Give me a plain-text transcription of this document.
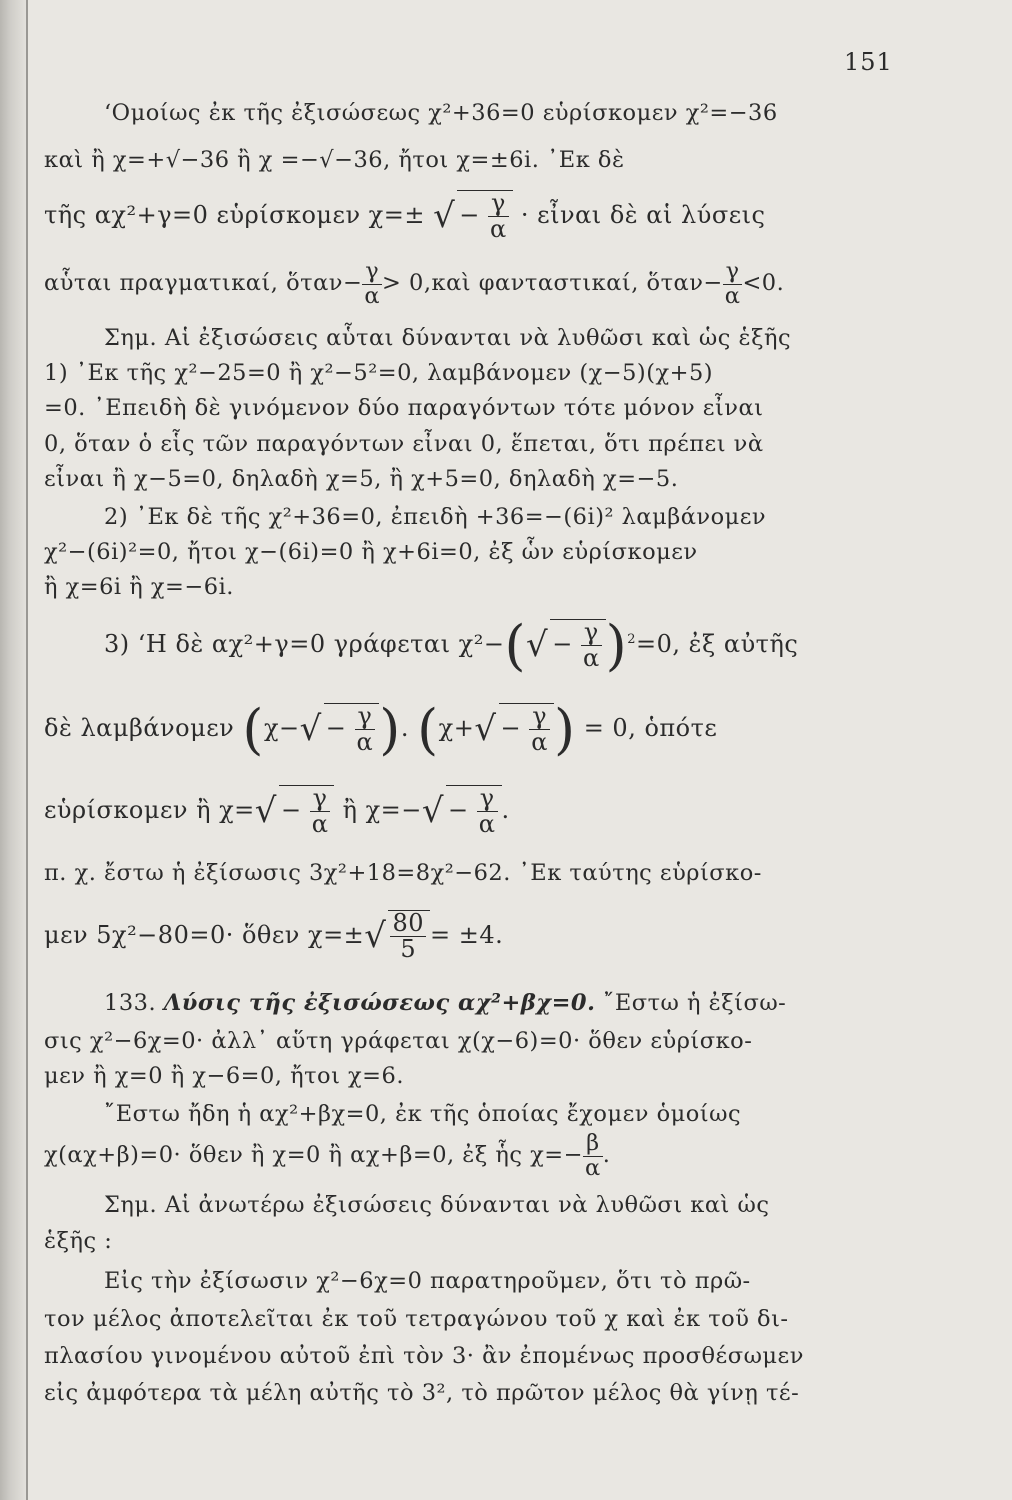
151
‘Ομοίως ἐκ τῆς ἐξισώσεως χ²+36=0 εὑρίσκομεν χ²=−36
καὶ ἢ χ=+√−36 ἢ χ =−√−36, ἤτοι χ=±6i. ᾽Εκ δὲ
τῆς αχ²+γ=0 εὑρίσκομεν χ=± √ − $\frac{\gamma}{\alpha}$ · εἶναι δὲ αἱ λύσεις
αὗται πραγματικαί, ὅταν− $\frac{\gamma}{\alpha}$ > 0,καὶ φανταστικαί, ὅταν− $\frac{\gamma}{\alpha} <0$.
Σημ. Αἱ ἐξισώσεις αὗται δύνανται νὰ λυθῶσι καὶ ὡς ἑξῆς
1) ᾽Εκ τῆς χ²−25=0 ἢ χ²−5²=0, λαμβάνομεν (χ−5)(χ+5)
=0. ᾽Επειδὴ δὲ γινόμενον δύο παραγόντων τότε μόνον εἶναι
0, ὅταν ὁ εἷς τῶν παραγόντων εἶναι 0, ἕπεται, ὅτι πρέπει νὰ
εἶναι ἢ χ−5=0, δηλαδὴ χ=5, ἢ χ+5=0, δηλαδὴ χ=−5.
2) ᾽Εκ δὲ τῆς χ²+36=0, ἐπειδὴ +36=−(6i)² λαμβάνομεν
χ²−(6i)²=0, ἤτοι χ−(6i)=0 ἢ χ+6i=0, ἐξ ὧν εὑρίσκομεν
ἢ χ=6i ἢ χ=−6i.
3) ‘Η δὲ αχ²+γ=0 γράφεται $\chi^2-(√ - \frac{\gamma}{\alpha} )^2=0$, ἐξ αὐτῆς
δὲ λαμβάνομεν ($\chi-√ - \frac{\gamma}{\alpha}$ ). ($\chi+√ - \frac{\gamma}{\alpha}$ ) = 0, ὁπότε
εὑρίσκομεν ἢ $\chi=√ - \frac{\gamma}{\alpha}$ ἢ $\chi=-√ - \frac{\gamma}{\alpha}$ .
π. χ. ἔστω ἡ ἐξίσωσις 3χ²+18=8χ²−62. ᾽Εκ ταύτης εὑρίσκο-
μεν 5χ²−80=0· ὅθεν $\chi=\pm√ \frac{80}{5} = \pm 4$.
133. Λύσις τῆς ἐξισώσεως αχ²+βχ=0. ῎Εστω ἡ ἐξίσω-
σις χ²−6χ=0· ἀλλ᾽ αὕτη γράφεται χ(χ−6)=0· ὅθεν εὑρίσκο-
μεν ἢ χ=0 ἢ χ−6=0, ἤτοι χ=6.
῎Εστω ἤδη ἡ αχ²+βχ=0, ἐκ τῆς ὁποίας ἔχομεν ὁμοίως
χ(αχ+β)=0· ὅθεν ἢ χ=0 ἢ αχ+β=0, ἐξ ἧς $\chi=- \frac{\beta}{\alpha}$ .
Σημ. Αἱ ἀνωτέρω ἐξισώσεις δύνανται νὰ λυθῶσι καὶ ὡς
ἑξῆς :
Εἰς τὴν ἐξίσωσιν χ²−6χ=0 παρατηροῦμεν, ὅτι τὸ πρῶ-
τον μέλος ἀποτελεῖται ἐκ τοῦ τετραγώνου τοῦ χ καὶ ἐκ τοῦ δι-
πλασίου γινομένου αὐτοῦ ἐπὶ τὸν 3· ἂν ἐπομένως προσθέσωμεν
εἰς ἀμφότερα τὰ μέλη αὐτῆς τὸ 3², τὸ πρῶτον μέλος θὰ γίνῃ τέ-
